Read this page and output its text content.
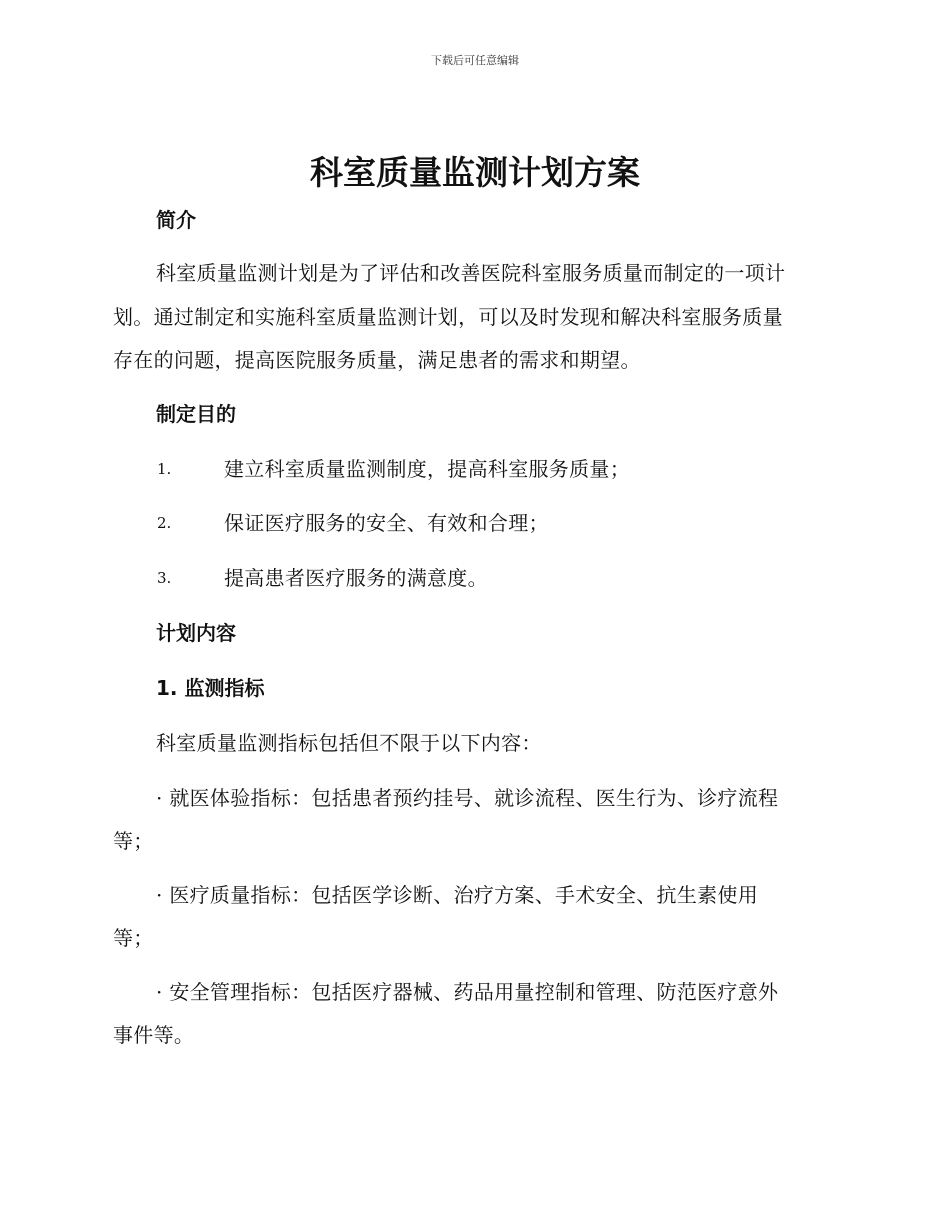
下载后可任意编辑
科室质量监测计划方案
简介
科室质量监测计划是为了评估和改善医院科室服务质量而制定的一项计
划。通过制定和实施科室质量监测计划，可以及时发现和解决科室服务质量
存在的问题，提高医院服务质量，满足患者的需求和期望。
制定目的
1.	建立科室质量监测制度，提高科室服务质量；
2.	保证医疗服务的安全、有效和合理；
3.	提高患者医疗服务的满意度。
计划内容
1. 监测指标
科室质量监测指标包括但不限于以下内容：
· 就医体验指标：包括患者预约挂号、就诊流程、医生行为、诊疗流程
等；
· 医疗质量指标：包括医学诊断、治疗方案、手术安全、抗生素使用
等；
· 安全管理指标：包括医疗器械、药品用量控制和管理、防范医疗意外
事件等。
